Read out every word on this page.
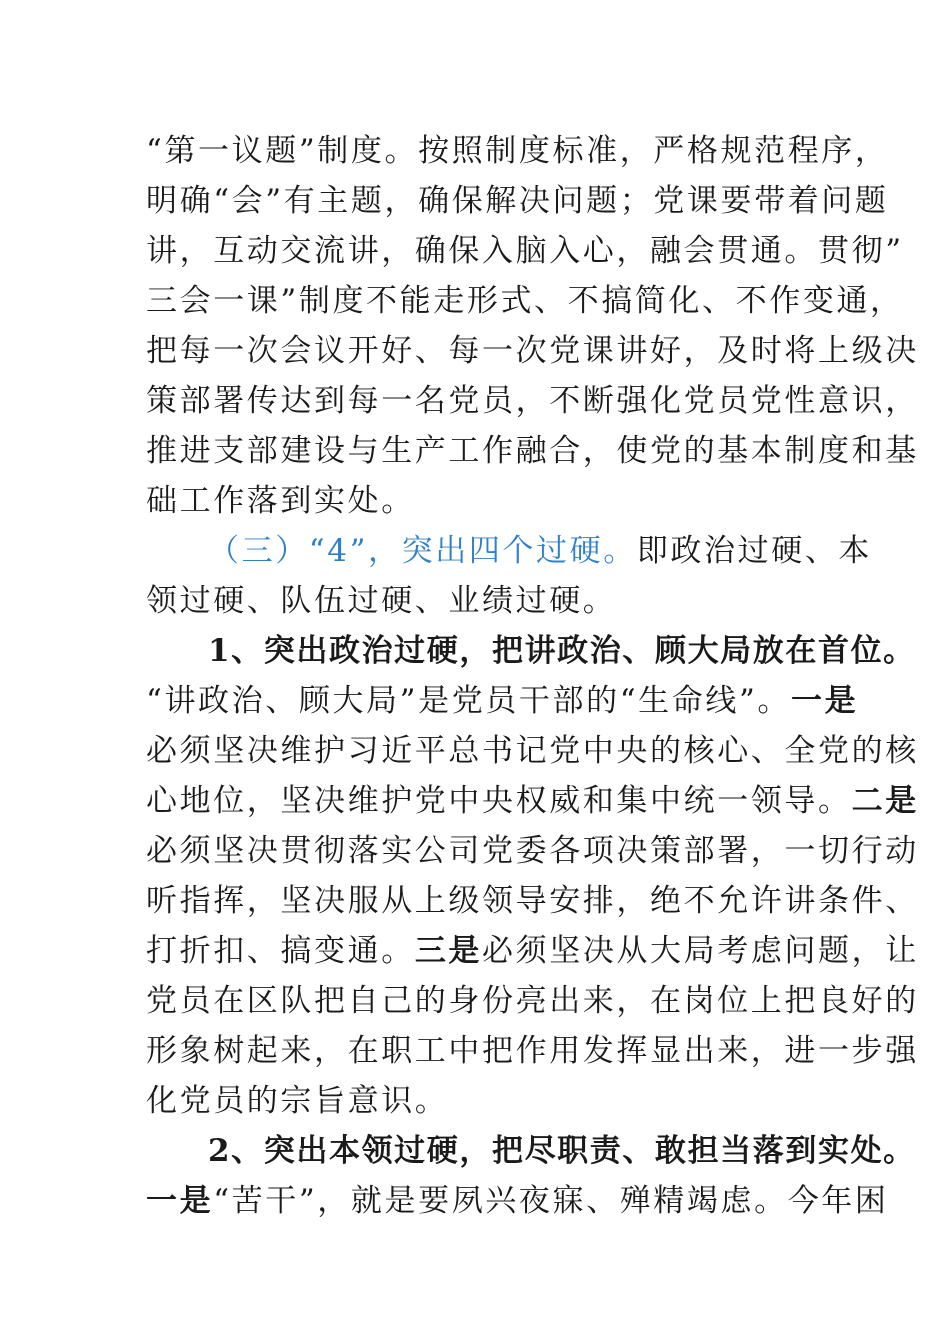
“第一议题”制度。按照制度标准，严格规范程序，
明确“会”有主题，确保解决问题；党课要带着问题
讲，互动交流讲，确保入脑入心，融会贯通。贯彻”
三会一课”制度不能走形式、不搞简化、不作变通，
把每一次会议开好、每一次党课讲好，及时将上级决
策部署传达到每一名党员，不断强化党员党性意识，
推进支部建设与生产工作融合，使党的基本制度和基
础工作落到实处。
（三）“4”，突出四个过硬。即政治过硬、本
领过硬、队伍过硬、业绩过硬。
1、突出政治过硬，把讲政治、顾大局放在首位。
“讲政治、顾大局”是党员干部的“生命线”。一是
必须坚决维护习近平总书记党中央的核心、全党的核
心地位，坚决维护党中央权威和集中统一领导。二是
必须坚决贯彻落实公司党委各项决策部署，一切行动
听指挥，坚决服从上级领导安排，绝不允许讲条件、
打折扣、搞变通。三是必须坚决从大局考虑问题，让
党员在区队把自己的身份亮出来，在岗位上把良好的
形象树起来，在职工中把作用发挥显出来，进一步强
化党员的宗旨意识。
2、突出本领过硬，把尽职责、敢担当落到实处。
一是“苦干”，就是要夙兴夜寐、殚精竭虑。今年困
